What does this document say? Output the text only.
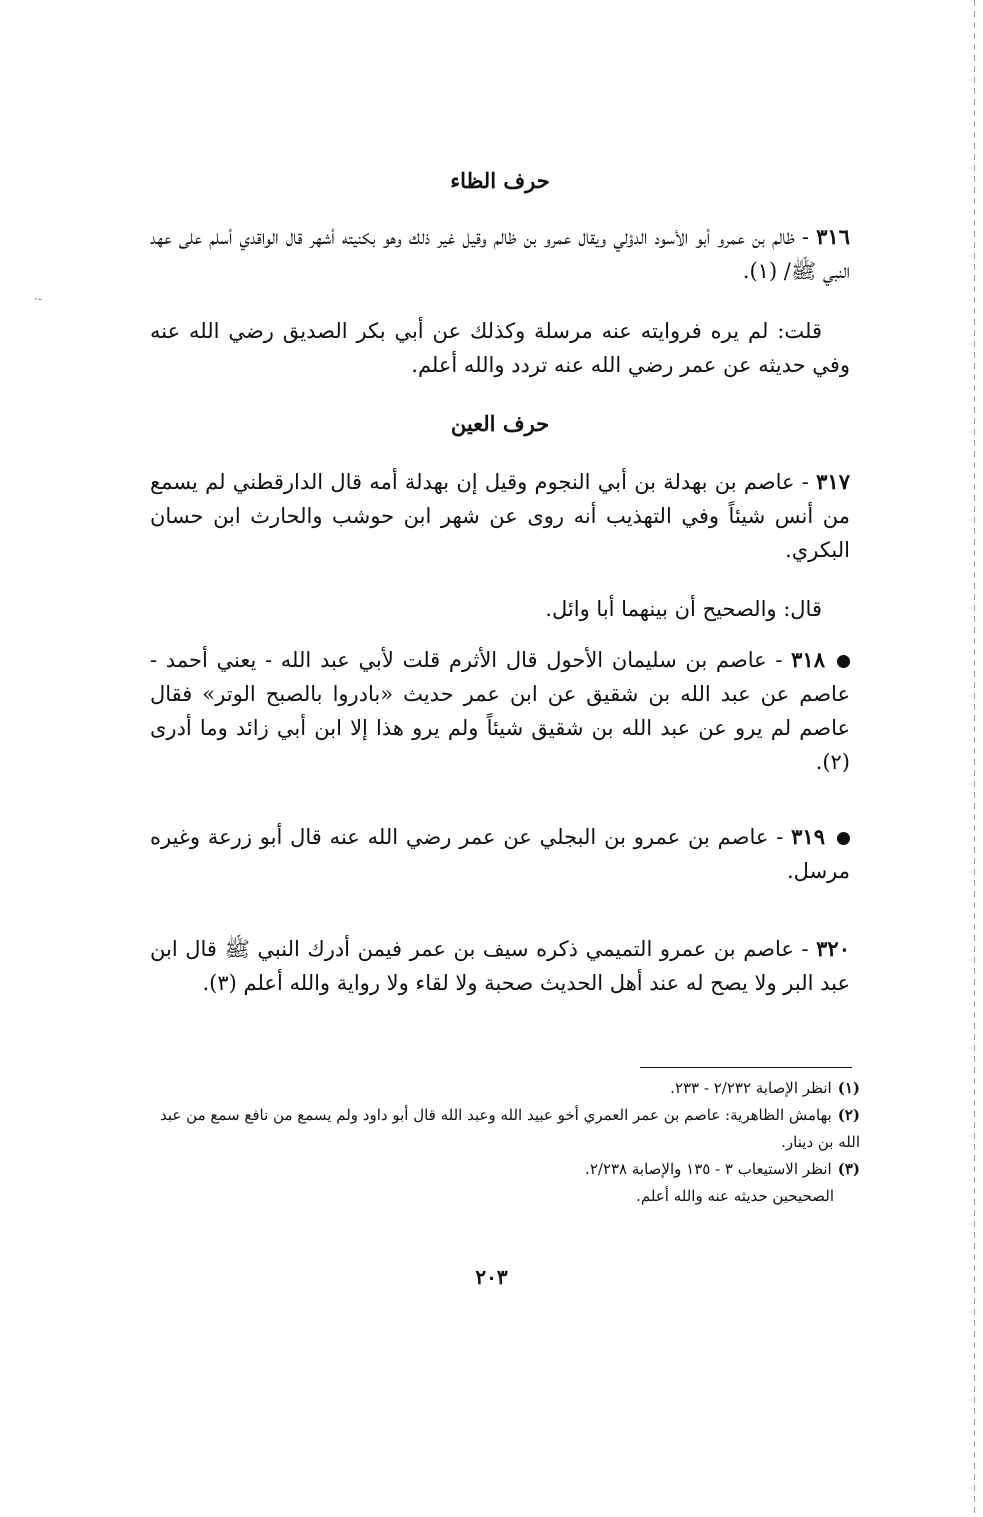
·-
حرف الظاء

٣١٦ - ظالم بن عمرو أبو الأسود الدؤلي ويقال عمرو بن ظالم وقيل غير ذلك وهو بكنيته أشهر قال الواقدي أسلم على عهد النبي ﷺ/ (١).

قلت: لم يره فروايته عنه مرسلة وكذلك عن أبي بكر الصديق رضي الله عنه وفي حديثه عن عمر رضي الله عنه تردد والله أعلم.

حرف العين

٣١٧ - عاصم بن بهدلة بن أبي النجوم وقيل إن بهدلة أمه قال الدارقطني لم يسمع من أنس شيئاً وفي التهذيب أنه روى عن شهر ابن حوشب والحارث ابن حسان البكري.

قال: والصحيح أن بينهما أبا وائل.

٣١٨ - عاصم بن سليمان الأحول قال الأثرم قلت لأبي عبد الله - يعني أحمد - عاصم عن عبد الله بن شقيق عن ابن عمر حديث «بادروا بالصبح الوتر» فقال عاصم لم يرو عن عبد الله بن شقيق شيئاً ولم يرو هذا إلا ابن أبي زائد وما أدرى (٢).

٣١٩ - عاصم بن عمرو بن البجلي عن عمر رضي الله عنه قال أبو زرعة وغيره مرسل.

٣٢٠ - عاصم بن عمرو التميمي ذكره سيف بن عمر فيمن أدرك النبي ﷺ قال ابن عبد البر ولا يصح له عند أهل الحديث صحبة ولا لقاء ولا رواية والله أعلم (٣).

(١)انظر الإصابة ٢/٢٣٢ - ٢٣٣.

(٢)بهامش الظاهرية: عاصم بن عمر العمري أخو عبيد الله وعبد الله قال أبو داود ولم يسمع من نافع سمع من عبد الله بن دينار.

(٣)انظر الاستيعاب ٣ - ١٣٥ والإصابة ٢/٢٣٨.

الصحيحين حديثه عنه والله أعلم.

٢٠٣
